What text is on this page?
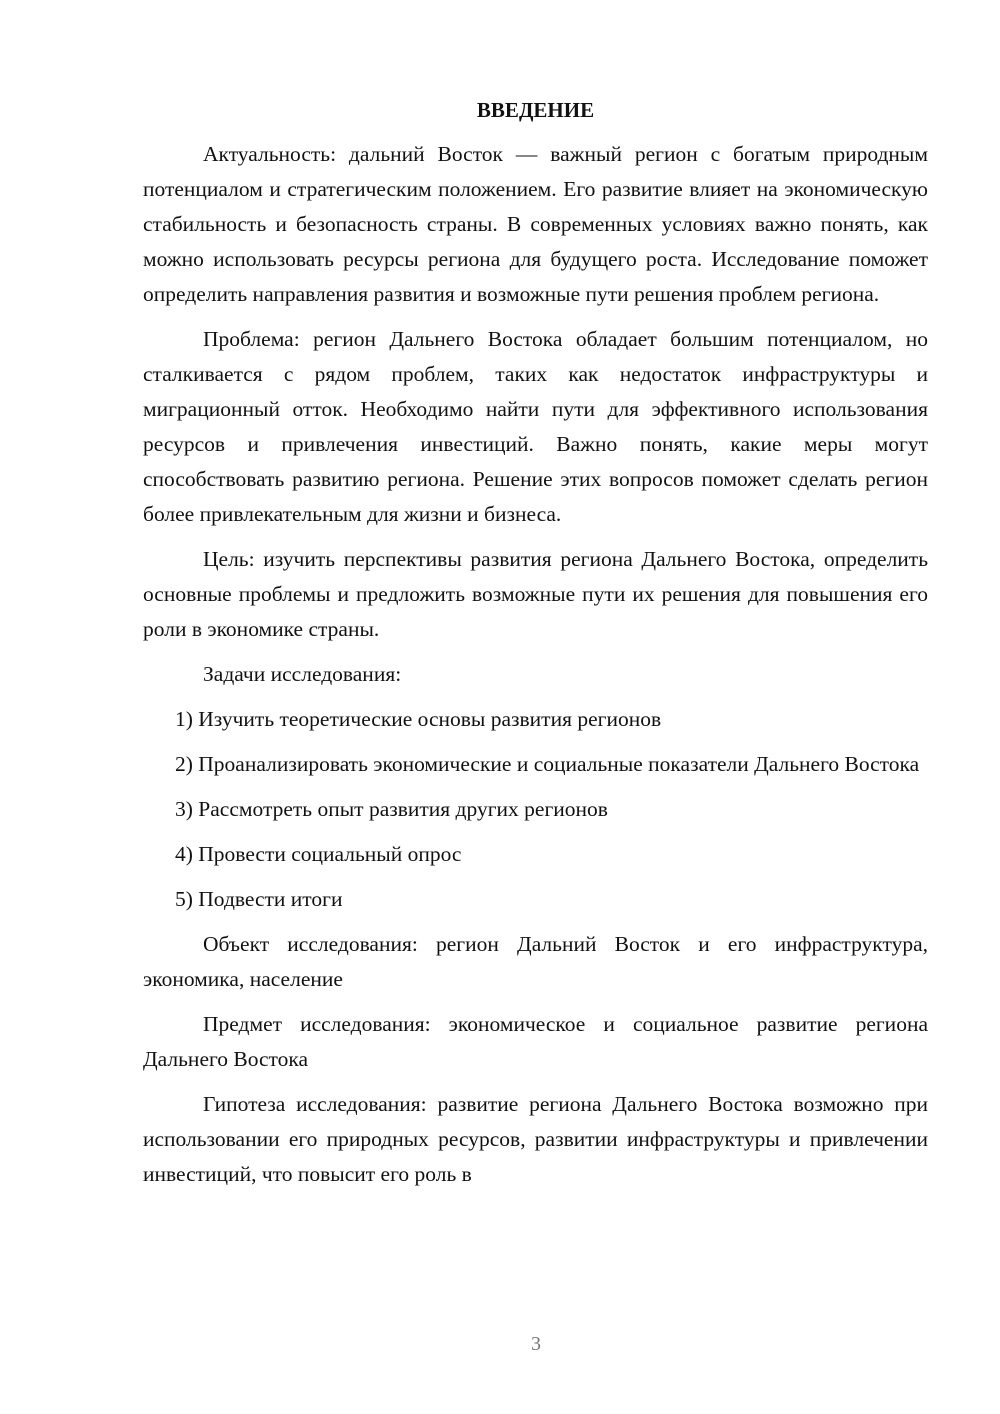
ВВЕДЕНИЕ

Актуальность: дальний Восток — важный регион с богатым природным потенциалом и стратегическим положением. Его развитие влияет на экономическую стабильность и безопасность страны. В современных условиях важно понять, как можно использовать ресурсы региона для будущего роста. Исследование поможет определить направления развития и возможные пути решения проблем региона.

Проблема: регион Дальнего Востока обладает большим потенциалом, но сталкивается с рядом проблем, таких как недостаток инфраструктуры и миграционный отток. Необходимо найти пути для эффективного использования ресурсов и привлечения инвестиций. Важно понять, какие меры могут способствовать развитию региона. Решение этих вопросов поможет сделать регион более привлекательным для жизни и бизнеса.

Цель: изучить перспективы развития региона Дальнего Востока, определить основные проблемы и предложить возможные пути их решения для повышения его роли в экономике страны.

Задачи исследования:

1) Изучить теоретические основы развития регионов

2) Проанализировать экономические и социальные показатели Дальнего Востока

3) Рассмотреть опыт развития других регионов

4) Провести социальный опрос

5) Подвести итоги

Объект исследования: регион Дальний Восток и его инфраструктура, экономика, население

Предмет исследования: экономическое и социальное развитие региона Дальнего Востока

Гипотеза исследования: развитие региона Дальнего Востока возможно при использовании его природных ресурсов, развитии инфраструктуры и привлечении инвестиций, что повысит его роль в

3
